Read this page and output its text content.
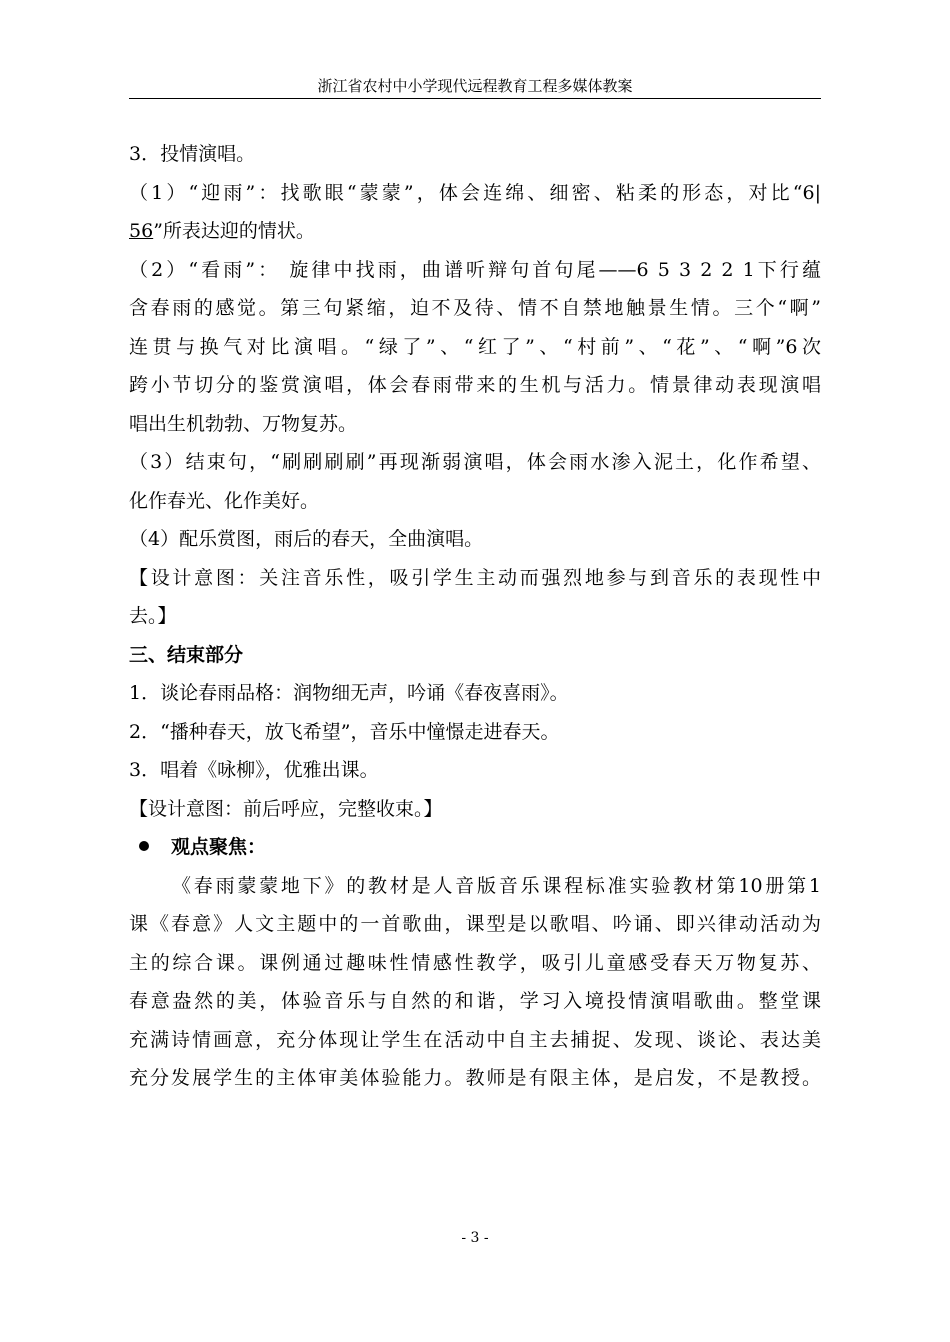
浙江省农村中小学现代远程教育工程多媒体教案
3．投情演唱。
（1）“迎雨”：找歌眼“蒙蒙”，体会连绵、细密、粘柔的形态，对比“6|
56”所表达迎的情状。
（2）“看雨”： 旋律中找雨，曲谱听辩句首句尾——6 5 3 2 2 1下行蕴
含春雨的感觉。第三句紧缩，迫不及待、情不自禁地触景生情。三个“啊”
连贯与换气对比演唱。“绿了”、“红了”、“村前”、“花”、“啊”6次
跨小节切分的鉴赏演唱，体会春雨带来的生机与活力。情景律动表现演唱
唱出生机勃勃、万物复苏。
（3）结束句，“刷刷刷刷”再现渐弱演唱，体会雨水渗入泥土，化作希望、
化作春光、化作美好。
（4）配乐赏图，雨后的春天，全曲演唱。
【设计意图：关注音乐性，吸引学生主动而强烈地参与到音乐的表现性中
去。】
三、结束部分
1．谈论春雨品格：润物细无声，吟诵《春夜喜雨》。
2．“播种春天，放飞希望”，音乐中憧憬走进春天。
3．唱着《咏柳》，优雅出课。
【设计意图：前后呼应，完整收束。】
观点聚焦：
《春雨蒙蒙地下》的教材是人音版音乐课程标准实验教材第10册第1
课《春意》人文主题中的一首歌曲，课型是以歌唱、吟诵、即兴律动活动为
主的综合课。课例通过趣味性情感性教学，吸引儿童感受春天万物复苏、
春意盎然的美，体验音乐与自然的和谐，学习入境投情演唱歌曲。整堂课
充满诗情画意，充分体现让学生在活动中自主去捕捉、发现、谈论、表达美
充分发展学生的主体审美体验能力。教师是有限主体，是启发，不是教授。
- 3 -
